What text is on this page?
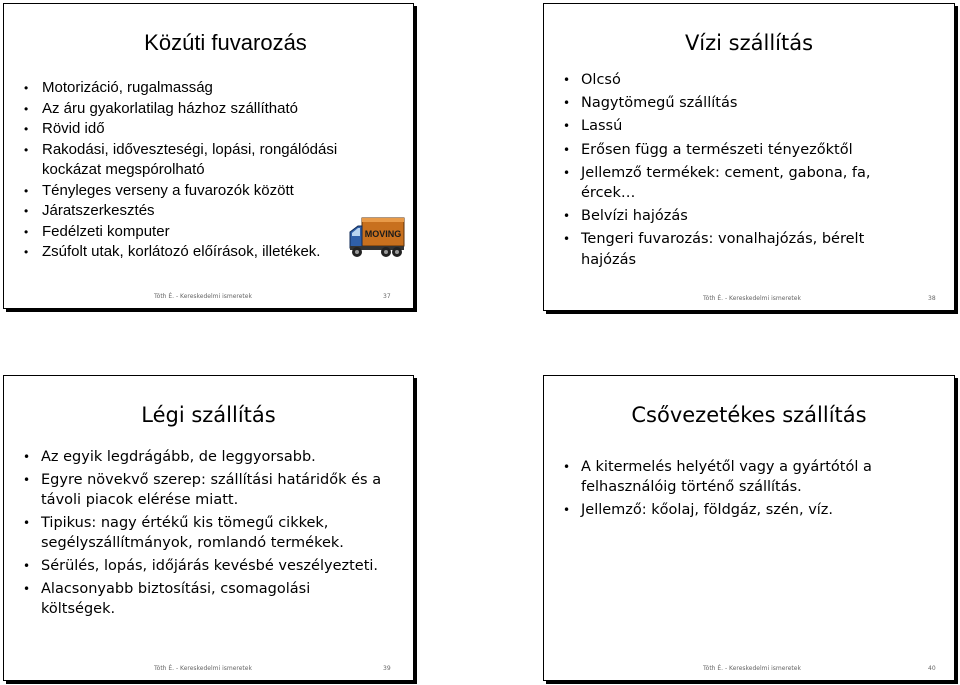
Közúti fuvarozás
• Motorizáció, rugalmasság
• Az áru gyakorlatilag házhoz szállítható
• Rövid idő
• Rakodási, időveszteségi, lopási, rongálódási kockázat megspórolható
• Tényleges verseny a fuvarozók között
• Járatszerkesztés
• Fedélzeti komputer
• Zsúfolt utak, korlátozó előírások, illetékek.
MOVING
Tóth É. - Kereskedelmi ismeretek	37
Vízi szállítás
• Olcsó
• Nagytömegű szállítás
• Lassú
• Erősen függ a természeti tényezőktől
• Jellemző termékek: cement, gabona, fa, ércek…
• Belvízi hajózás
• Tengeri fuvarozás: vonalhajózás, bérelt hajózás
Tóth É. - Kereskedelmi ismeretek	38
Légi szállítás
• Az egyik legdrágább, de leggyorsabb.
• Egyre növekvő szerep: szállítási határidők és a távoli piacok elérése miatt.
• Tipikus: nagy értékű kis tömegű cikkek, segélyszállítmányok, romlandó termékek.
• Sérülés, lopás, időjárás kevésbé veszélyezteti.
• Alacsonyabb biztosítási, csomagolási költségek.
Tóth É. - Kereskedelmi ismeretek	39
Csővezetékes szállítás
• A kitermelés helyétől vagy a gyártótól a felhasználóig történő szállítás.
• Jellemző: kőolaj, földgáz, szén, víz.
Tóth É. - Kereskedelmi ismeretek	40
